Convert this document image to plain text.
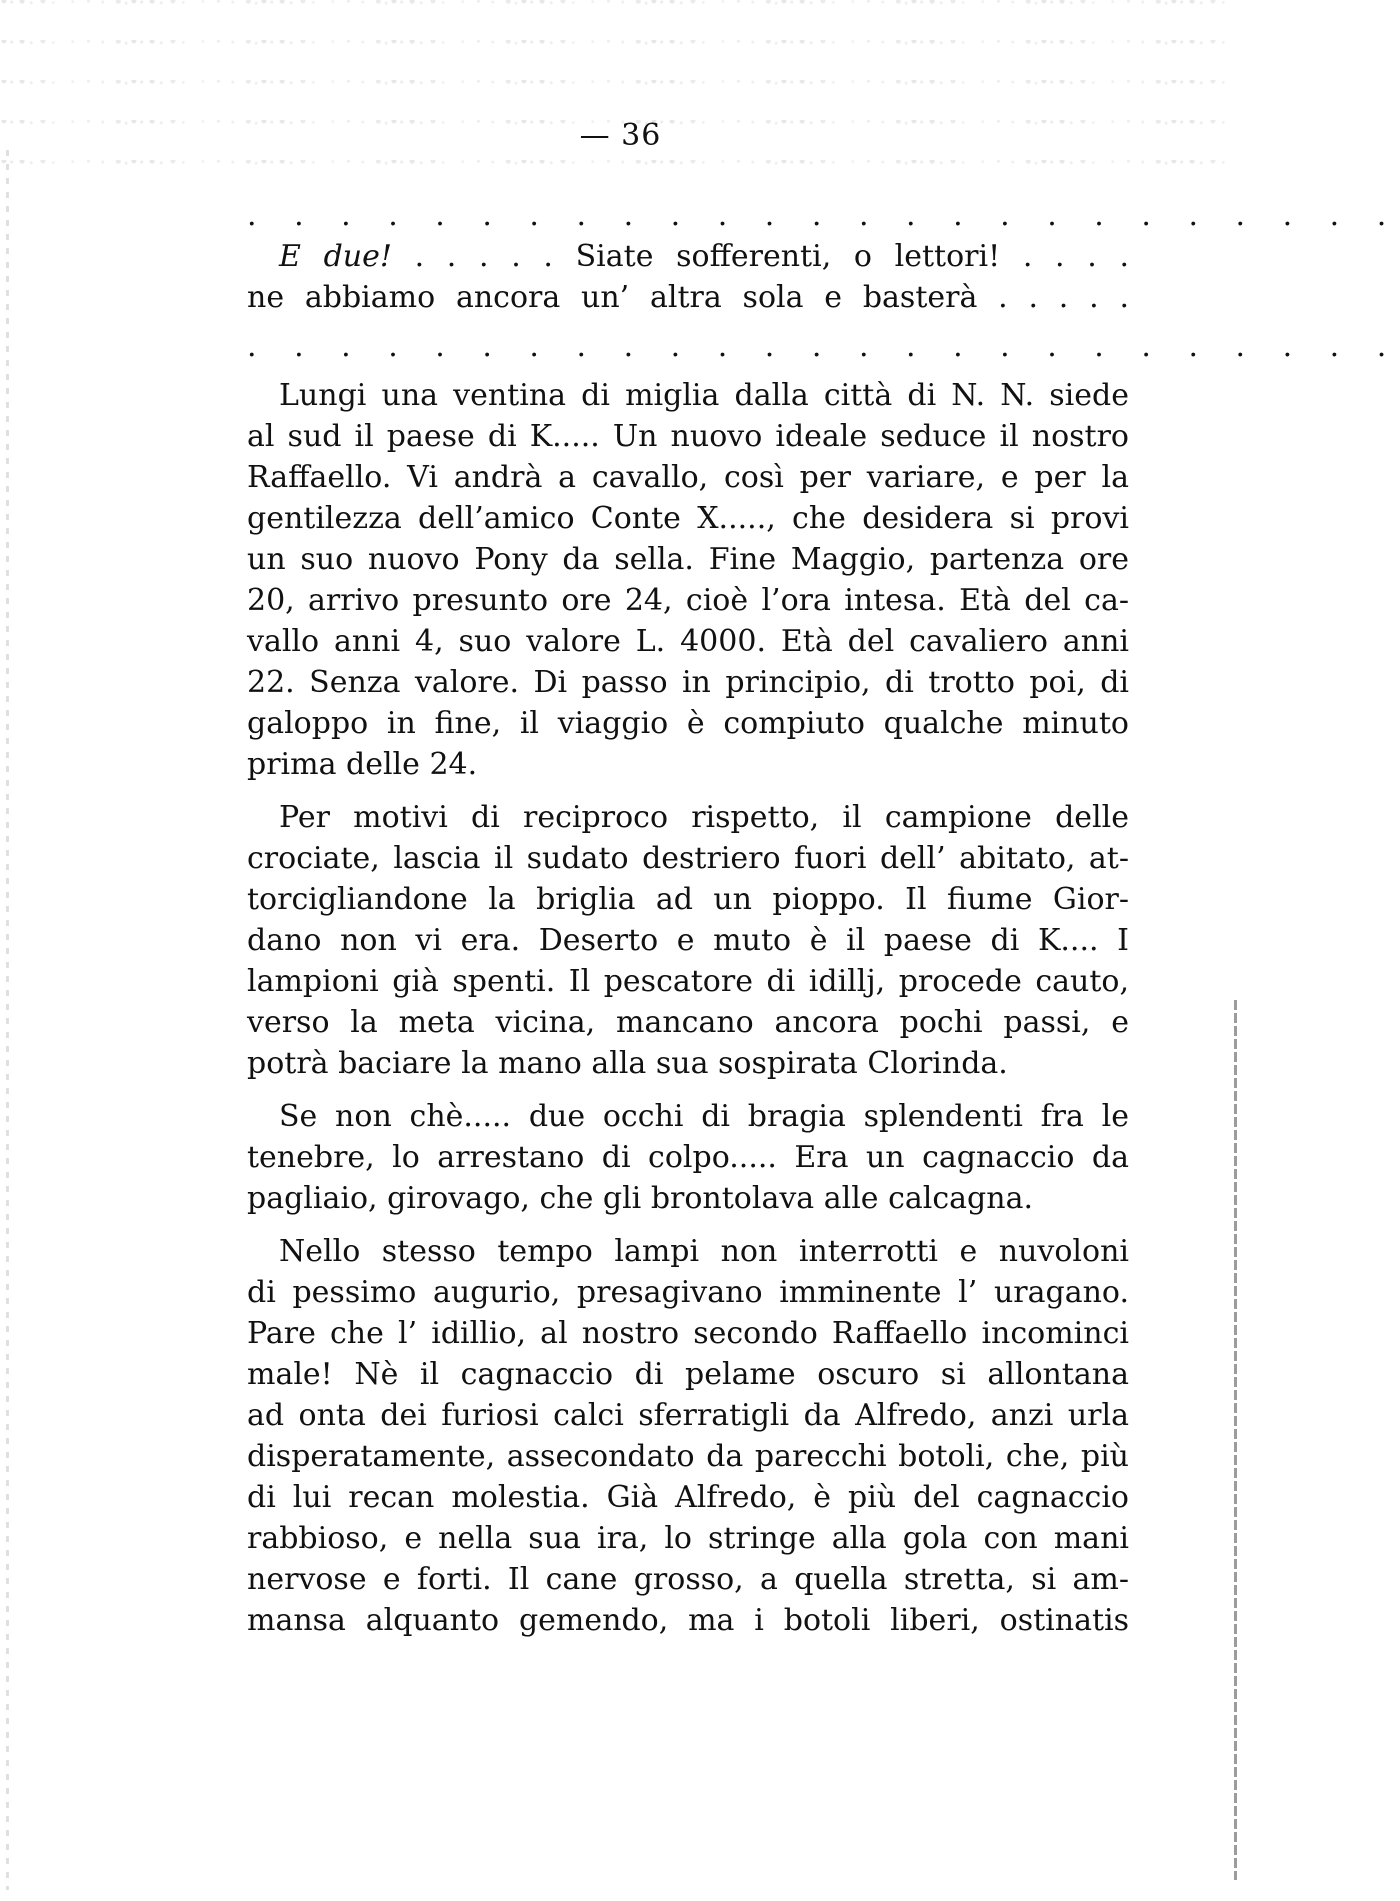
— 36
. . . . . . . . . . . . . . . . . . . . . . . . .
E due! . . . . . Siate sofferenti, o lettori! . . . .
ne abbiamo ancora un’ altra sola e basterà . . . . .
. . . . . . . . . . . . . . . . . . . . . . . . .
Lungi una ventina di miglia dalla città di N. N. siede
al sud il paese di K..... Un nuovo ideale seduce il nostro
Raffaello. Vi andrà a cavallo, così per variare, e per la
gentilezza dell’amico Conte X....., che desidera si provi
un suo nuovo Pony da sella. Fine Maggio, partenza ore
20, arrivo presunto ore 24, cioè l’ora intesa. Età del ca-
vallo anni 4, suo valore L. 4000. Età del cavaliero anni
22. Senza valore. Di passo in principio, di trotto poi, di
galoppo in fine, il viaggio è compiuto qualche minuto
prima delle 24.
Per motivi di reciproco rispetto, il campione delle
crociate, lascia il sudato destriero fuori dell’ abitato, at-
torcigliandone la briglia ad un pioppo. Il fiume Gior-
dano non vi era. Deserto e muto è il paese di K.... I
lampioni già spenti. Il pescatore di idillj, procede cauto,
verso la meta vicina, mancano ancora pochi passi, e
potrà baciare la mano alla sua sospirata Clorinda.
Se non chè..... due occhi di bragia splendenti fra le
tenebre, lo arrestano di colpo..... Era un cagnaccio da
pagliaio, girovago, che gli brontolava alle calcagna.
Nello stesso tempo lampi non interrotti e nuvoloni
di pessimo augurio, presagivano imminente l’ uragano.
Pare che l’ idillio, al nostro secondo Raffaello incominci
male! Nè il cagnaccio di pelame oscuro si allontana
ad onta dei furiosi calci sferratigli da Alfredo, anzi urla
disperatamente, assecondato da parecchi botoli, che, più
di lui recan molestia. Già Alfredo, è più del cagnaccio
rabbioso, e nella sua ira, lo stringe alla gola con mani
nervose e forti. Il cane grosso, a quella stretta, si am-
mansa alquanto gemendo, ma i botoli liberi, ostinatis
